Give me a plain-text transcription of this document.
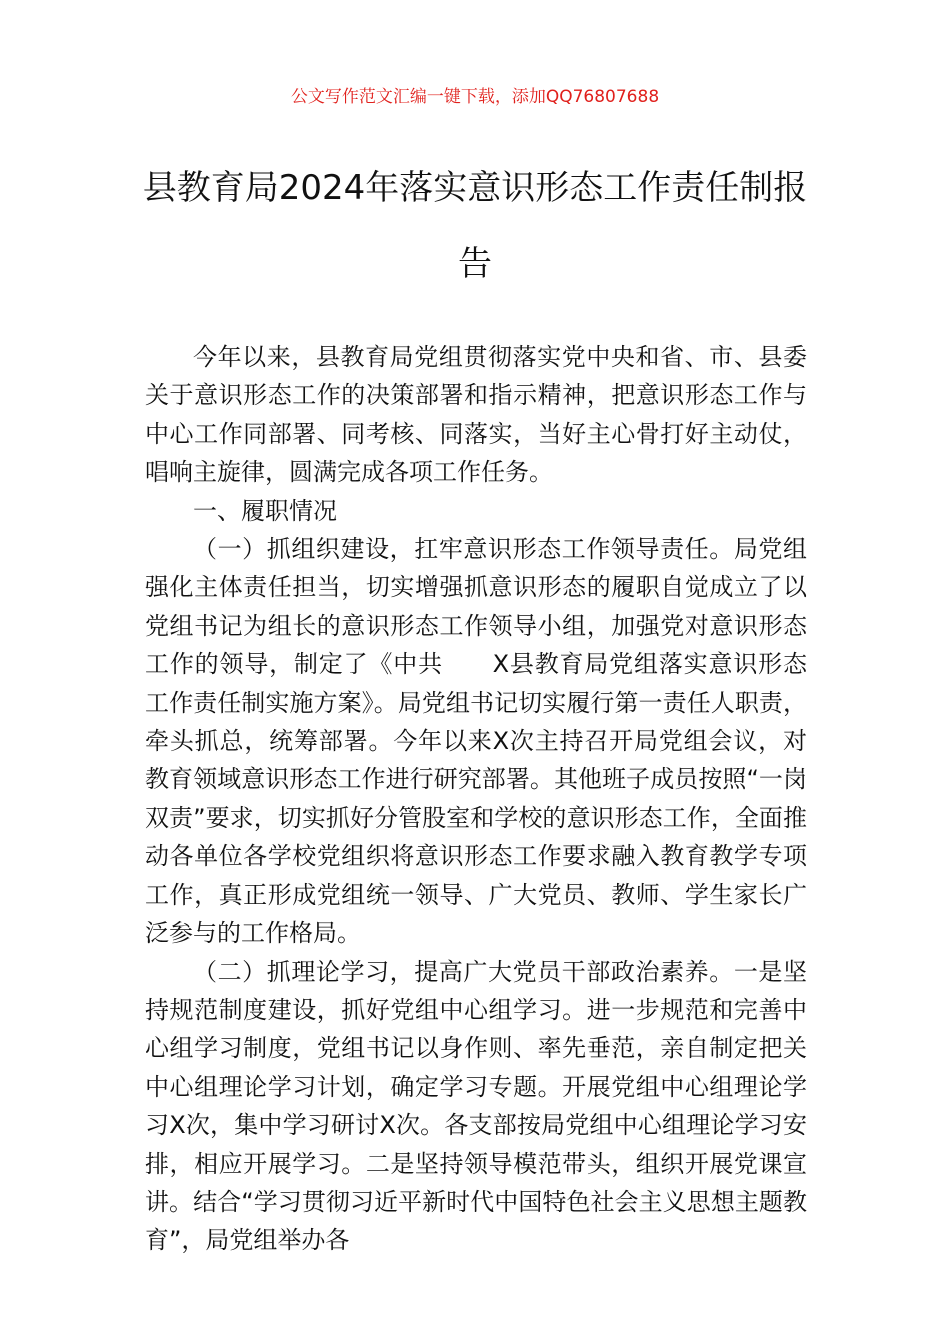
公文写作范文汇编一键下载，添加QQ76807688
县教育局2024年落实意识形态工作责任制报告

今年以来，县教育局党组贯彻落实党中央和省、市、县委关于意识形态工作的决策部署和指示精神，把意识形态工作与中心工作同部署、同考核、同落实，当好主心骨打好主动仗，唱响主旋律，圆满完成各项工作任务。

一、履职情况

（一）抓组织建设，扛牢意识形态工作领导责任。局党组强化主体责任担当，切实增强抓意识形态的履职自觉成立了以党组书记为组长的意识形态工作领导小组，加强党对意识形态工作的领导，制定了《中共　　X县教育局党组落实意识形态工作责任制实施方案》。局党组书记切实履行第一责任人职责，牵头抓总，统筹部署。今年以来X次主持召开局党组会议，对教育领域意识形态工作进行研究部署。其他班子成员按照“一岗双责”要求，切实抓好分管股室和学校的意识形态工作，全面推动各单位各学校党组织将意识形态工作要求融入教育教学专项工作，真正形成党组统一领导、广大党员、教师、学生家长广泛参与的工作格局。

（二）抓理论学习，提高广大党员干部政治素养。一是坚持规范制度建设，抓好党组中心组学习。进一步规范和完善中心组学习制度，党组书记以身作则、率先垂范，亲自制定把关中心组理论学习计划，确定学习专题。开展党组中心组理论学习X次，集中学习研讨X次。各支部按局党组中心组理论学习安排，相应开展学习。二是坚持领导模范带头，组织开展党课宣讲。结合“学习贯彻习近平新时代中国特色社会主义思想主题教育”，局党组举办各
